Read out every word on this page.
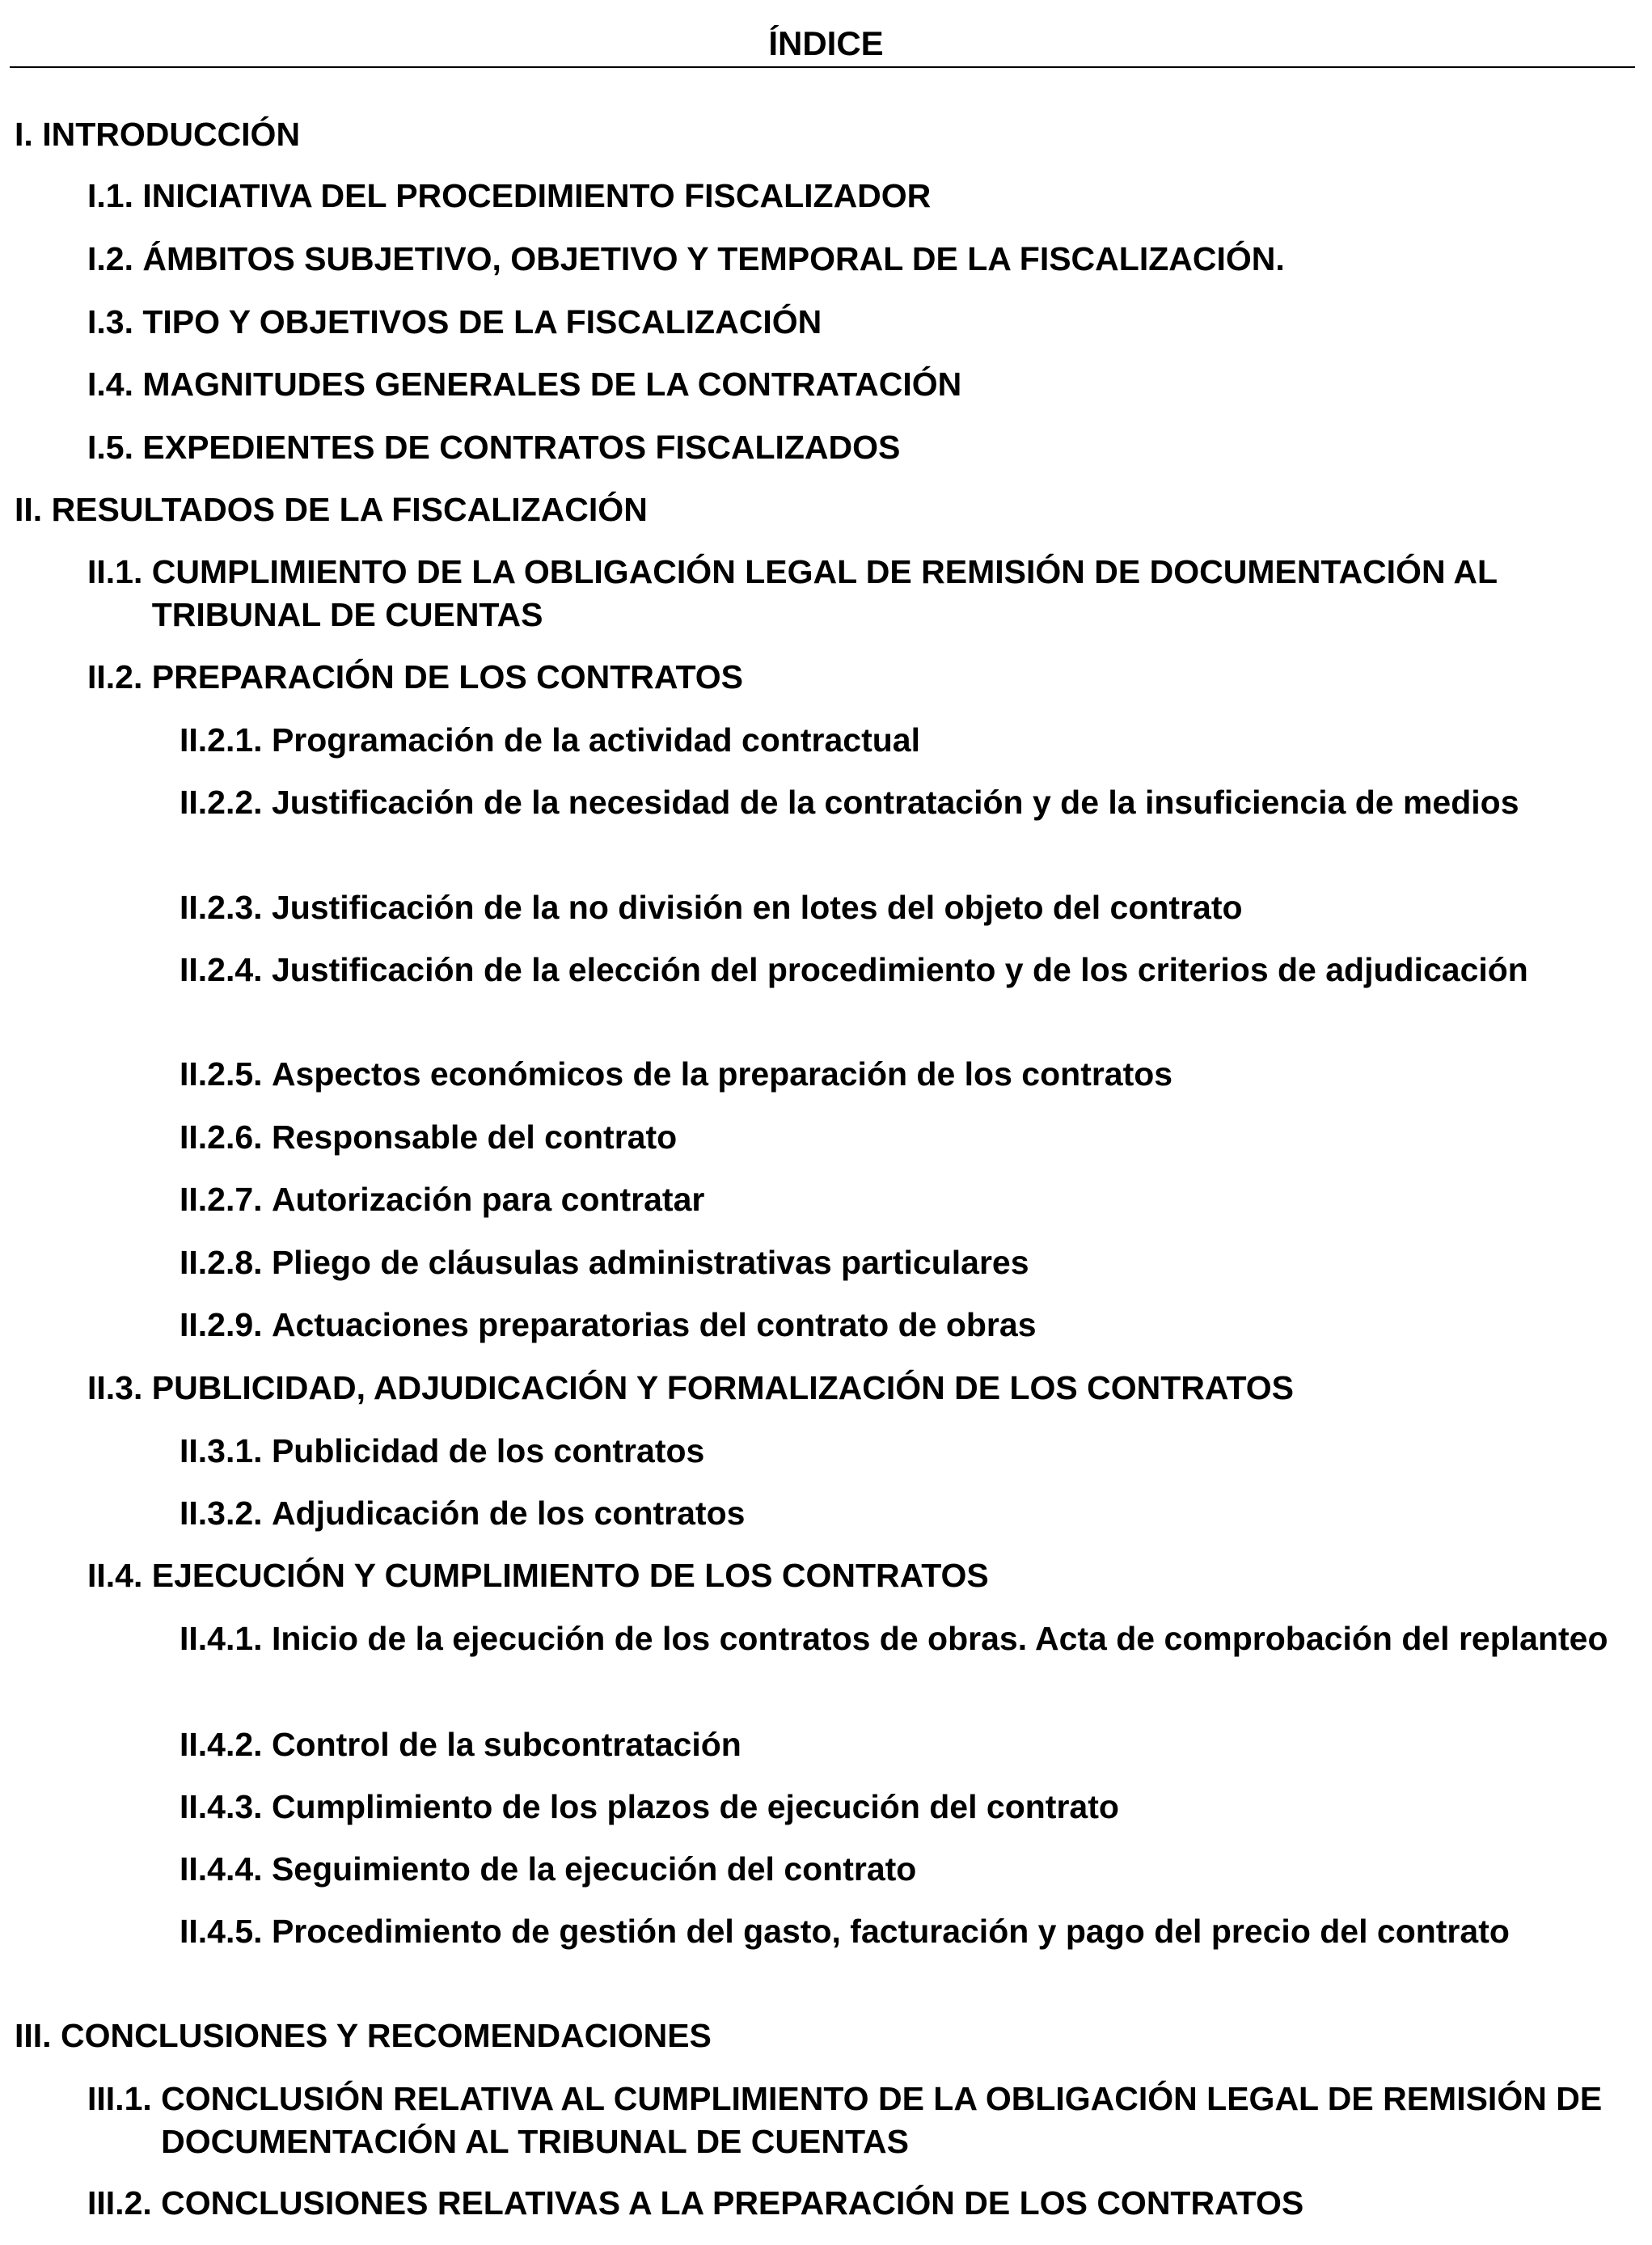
ÍNDICE
I. INTRODUCCIÓN
I.1. INICIATIVA DEL PROCEDIMIENTO FISCALIZADOR
I.2. ÁMBITOS SUBJETIVO, OBJETIVO Y TEMPORAL DE LA FISCALIZACIÓN.
I.3. TIPO Y OBJETIVOS DE LA FISCALIZACIÓN
I.4. MAGNITUDES GENERALES DE LA CONTRATACIÓN
I.5. EXPEDIENTES DE CONTRATOS FISCALIZADOS
II. RESULTADOS DE LA FISCALIZACIÓN
II.1. CUMPLIMIENTO DE LA OBLIGACIÓN LEGAL DE REMISIÓN DE DOCUMENTACIÓN AL TRIBUNAL DE CUENTAS
II.2. PREPARACIÓN DE LOS CONTRATOS
II.2.1. Programación de la actividad contractual
II.2.2. Justificación de la necesidad de la contratación y de la insuficiencia de medios
II.2.3. Justificación de la no división en lotes del objeto del contrato
II.2.4. Justificación de la elección del procedimiento y de los criterios de adjudicación
II.2.5. Aspectos económicos de la preparación de los contratos
II.2.6. Responsable del contrato
II.2.7. Autorización para contratar
II.2.8. Pliego de cláusulas administrativas particulares
II.2.9. Actuaciones preparatorias del contrato de obras
II.3. PUBLICIDAD, ADJUDICACIÓN Y FORMALIZACIÓN DE LOS CONTRATOS
II.3.1. Publicidad de los contratos
II.3.2. Adjudicación de los contratos
II.4. EJECUCIÓN Y CUMPLIMIENTO DE LOS CONTRATOS
II.4.1. Inicio de la ejecución de los contratos de obras. Acta de comprobación del replanteo
II.4.2. Control de la subcontratación
II.4.3. Cumplimiento de los plazos de ejecución del contrato
II.4.4. Seguimiento de la ejecución del contrato
II.4.5. Procedimiento de gestión del gasto, facturación y pago del precio del contrato
III. CONCLUSIONES Y RECOMENDACIONES
III.1. CONCLUSIÓN RELATIVA AL CUMPLIMIENTO DE LA OBLIGACIÓN LEGAL DE REMISIÓN DE DOCUMENTACIÓN AL TRIBUNAL DE CUENTAS
III.2. CONCLUSIONES RELATIVAS A LA PREPARACIÓN DE LOS CONTRATOS
